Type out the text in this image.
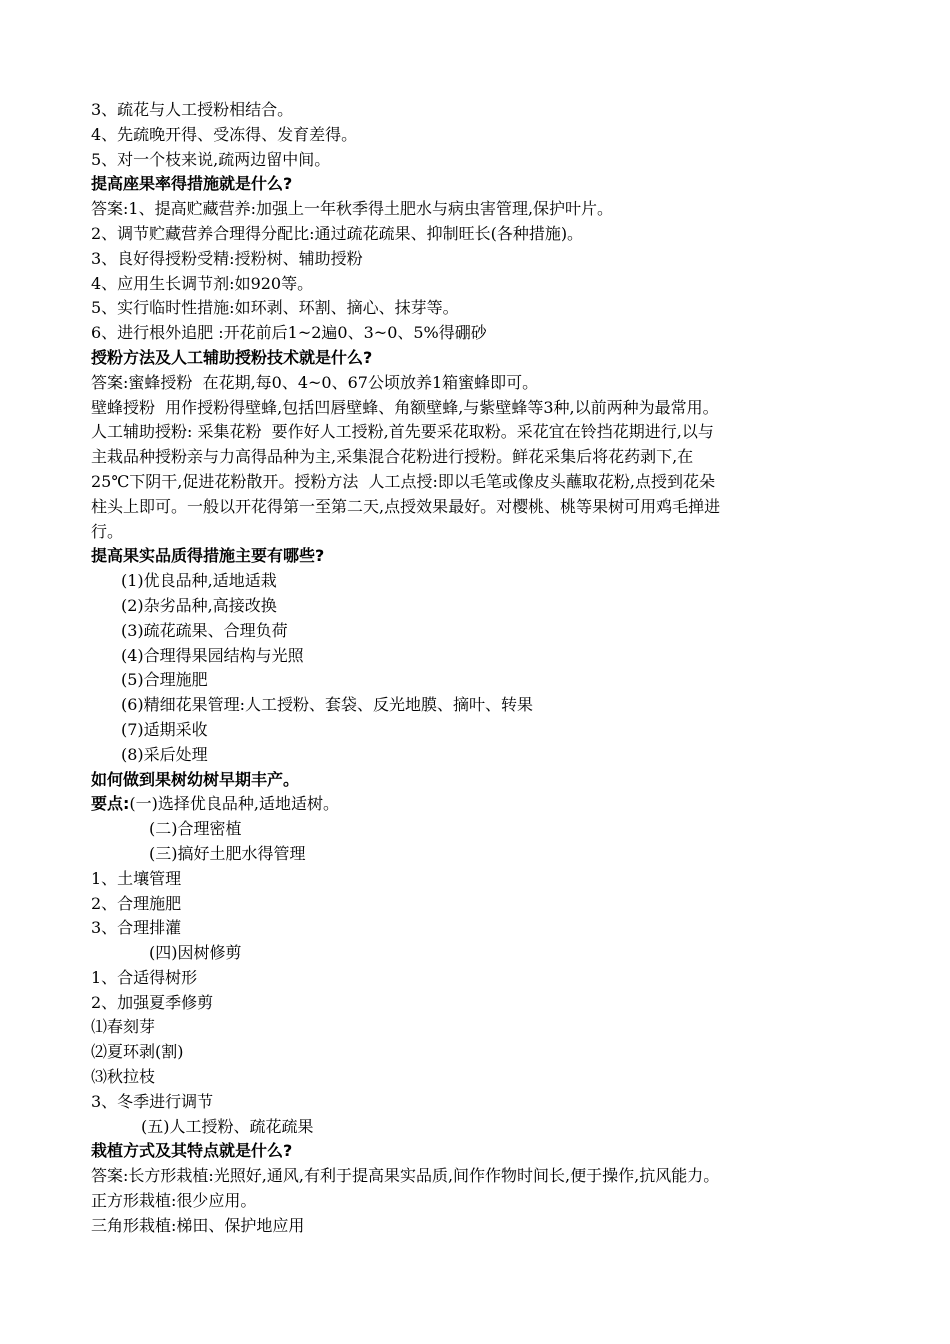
3、疏花与人工授粉相结合。
4、先疏晚开得、受冻得、发育差得。
5、对一个枝来说,疏两边留中间。
提高座果率得措施就是什么?
答案:1、提高贮藏营养:加强上一年秋季得土肥水与病虫害管理,保护叶片。
2、调节贮藏营养合理得分配比:通过疏花疏果、抑制旺长(各种措施)。
3、良好得授粉受精:授粉树、辅助授粉
4、应用生长调节剂:如920等。
5、实行临时性措施:如环剥、环割、摘心、抹芽等。
6、进行根外追肥 :开花前后1~2遍0、3~0、5%得硼砂
授粉方法及人工辅助授粉技术就是什么?
答案:蜜蜂授粉  在花期,每0、4~0、67公顷放养1箱蜜蜂即可。
壁蜂授粉  用作授粉得壁蜂,包括凹唇壁蜂、角额壁蜂,与紫壁蜂等3种,以前两种为最常用。
人工辅助授粉: 采集花粉  要作好人工授粉,首先要采花取粉。采花宜在铃挡花期进行,以与
主栽品种授粉亲与力高得品种为主,采集混合花粉进行授粉。鲜花采集后将花药剥下,在
25℃下阴干,促进花粉散开。授粉方法  人工点授:即以毛笔或像皮头蘸取花粉,点授到花朵
柱头上即可。一般以开花得第一至第二天,点授效果最好。对樱桃、桃等果树可用鸡毛掸进
行。
提高果实品质得措施主要有哪些?
(1)优良品种,适地适栽
(2)杂劣品种,高接改换
(3)疏花疏果、合理负荷
(4)合理得果园结构与光照
(5)合理施肥
(6)精细花果管理:人工授粉、套袋、反光地膜、摘叶、转果
(7)适期采收
(8)采后处理
如何做到果树幼树早期丰产。
要点:(一)选择优良品种,适地适树。
(二)合理密植
(三)搞好土肥水得管理
1、土壤管理
2、合理施肥
3、合理排灌
(四)因树修剪
1、合适得树形
2、加强夏季修剪
⑴春刻芽
⑵夏环剥(割)
⑶秋拉枝
3、冬季进行调节
(五)人工授粉、疏花疏果
栽植方式及其特点就是什么?
答案:长方形栽植:光照好,通风,有利于提高果实品质,间作作物时间长,便于操作,抗风能力。
正方形栽植:很少应用。
三角形栽植:梯田、保护地应用
